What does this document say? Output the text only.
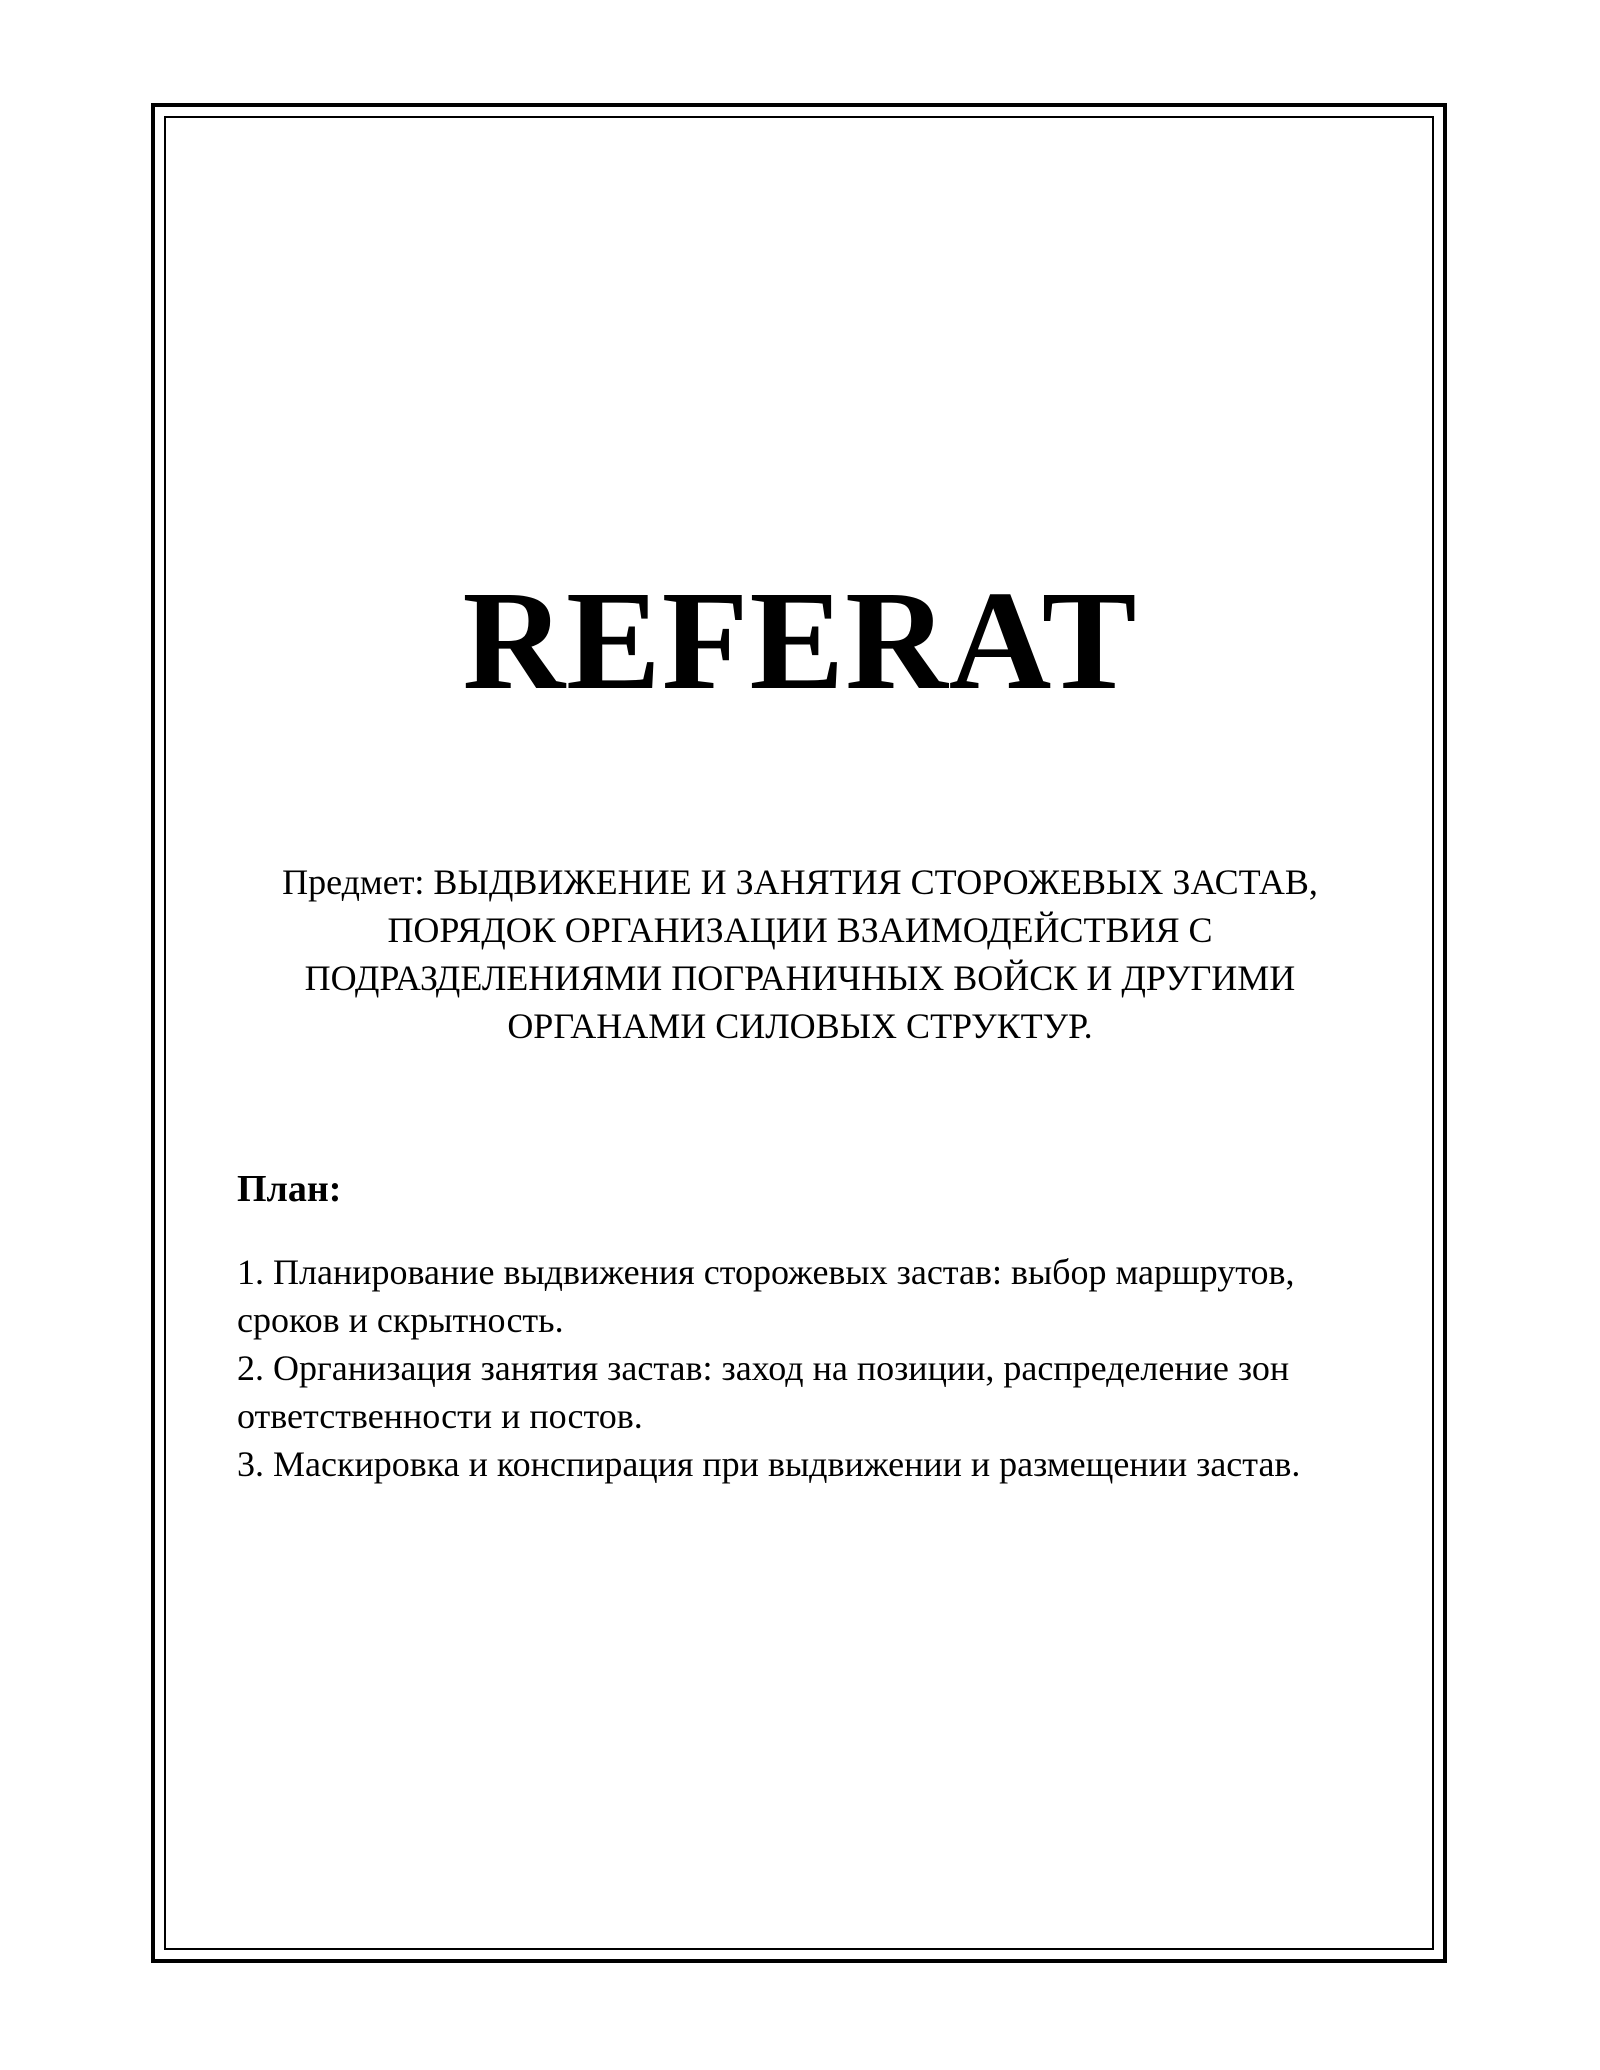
REFERAT
Предмет: ВЫДВИЖЕНИЕ И ЗАНЯТИЯ СТОРОЖЕВЫХ ЗАСТАВ,
ПОРЯДОК ОРГАНИЗАЦИИ ВЗАИМОДЕЙСТВИЯ С
ПОДРАЗДЕЛЕНИЯМИ ПОГРАНИЧНЫХ ВОЙСК И ДРУГИМИ
ОРГАНАМИ СИЛОВЫХ СТРУКТУР.
План:
1. Планирование выдвижения сторожевых застав: выбор маршрутов,
сроков и скрытность.
2. Организация занятия застав: заход на позиции, распределение зон
ответственности и постов.
3. Маскировка и конспирация при выдвижении и размещении застав.
